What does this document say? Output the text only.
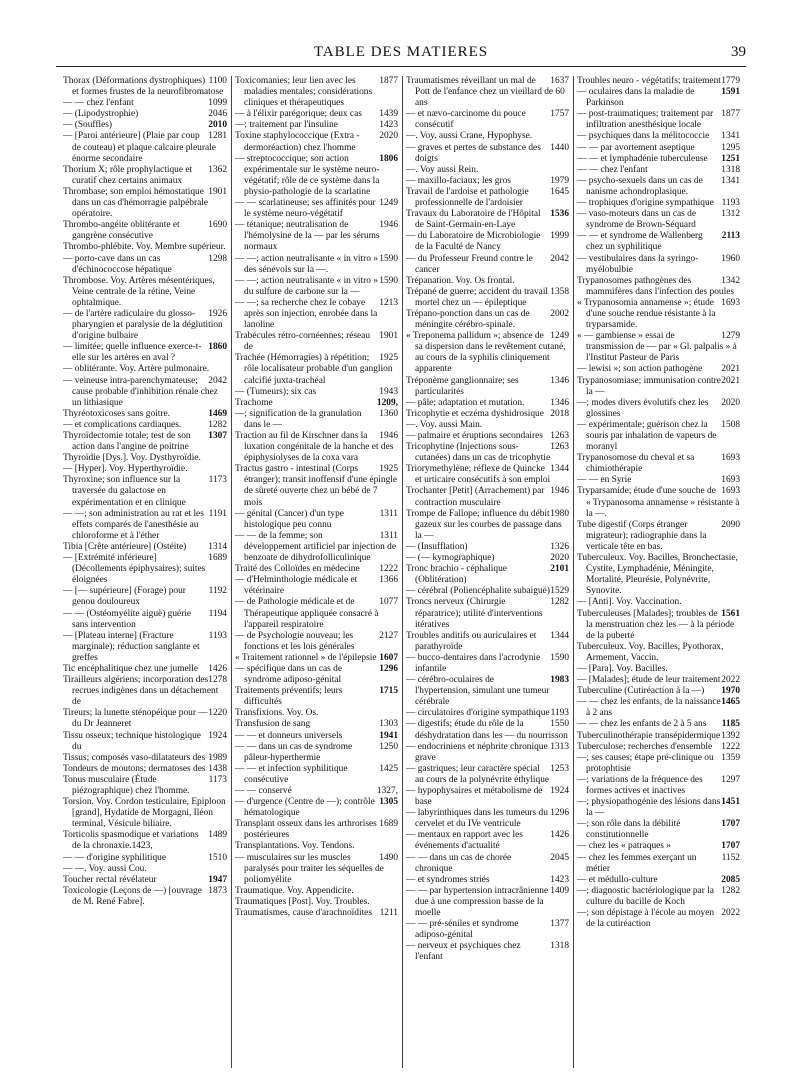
TABLE DES MATIERES	39
1100
Thorax (Déformations dystrophiques) et formes frustes de la neurofibromatose
1099
— — chez l'enfant
2046
— (Lipodystrophie)
2010
— (Souffles)
1281
— [Paroi antérieure] (Plaie par coup de couteau) et plaque calcaire pleurale énorme secondaire
1362
Thorium X; rôle prophylactique et curatif chez certains animaux
1901
Thrombase; son emploi hémostatique dans un cas d'hémorragie palpébrale opératoire.
1690
Thrombo-angéite oblitérante et gangrène consécutive
Thrombo-phlébite. Voy. Membre supérieur.
1298
— porto-cave dans un cas d'échinococcose hépatique
Thrombose. Voy. Artères mésentériques, Veine centrale de la rétine, Veine ophtalmique.
1926
— de l'artère radiculaire du glosso-pharyngien et paralysie de la déglutition d'origine bulbaire
1860
— limitée; quelle influence exerce-t-elle sur les artères en aval ?
— oblitérante. Voy. Artère pulmonaire.
2042
— veineuse intra-parenchymateuse; cause probable d'inhibition rénale chez un lithiasique
1469
Thyréotoxicoses sans goitre.
1282
— et complications cardiaques.
1307
Thyroïdectomie totale; test de son action dans l'angine de poitrine
Thyroïdie [Dys.]. Voy. Dysthyroïdie.
— [Hyper]. Voy. Hyperthyroïdie.
1173
Thyroxine; son influence sur la traversée du galactose en expérimentation et en clinique
1191
— —; son administration au rat et les effets comparés de l'anesthésie au chloroforme et à l'éther
1314
Tibia [Crête antérieure] (Ostéite)
1689
— [Extrémité inférieure] (Décollements épiphysaires); suites éloignées
1192
— [— supérieure] (Forage) pour genou douloureux
1194
— — (Ostéomyélite aiguë) guérie sans intervention
1193
— [Plateau interne] (Fracture marginale); réduction sanglante et greffes
1426
Tic encéphalitique chez une jumelle
1278
Tirailleurs algériens; incorporation des recrues indigènes dans un détachement de
1220
Tireurs; la lunette sténopéique pour — du Dr Jeanneret
1924
Tissu osseux; technique histologique du
1989
Tissus; composés vaso-dilatateurs des
1438
Tondeurs de moutons; dermatoses des
1173
Tonus musculaire (Étude piézographique) chez l'homme.
Torsion. Voy. Cordon testiculaire, Epiploon [grand], Hydatide de Morgagni, Iléon terminal, Vésicule biliaire.
1489
Torticolis spasmodique et variations de la chronaxie.1423,
1510
— — d'origine syphilitique
— —. Voy. aussi Cou.
1947
Toucher rectal révélateur
1873
Toxicologie (Leçons de —) [ouvrage de M. René Fabre].
1877
Toxicomanies; leur lien avec les maladies mentales; considérations cliniques et thérapeutiques
1439
— à l'élixir parégorique; deux cas
1423
—; traitement par l'insuline
2020
Toxine staphylococcique (Extra - dermoréaction) chez l'homme
1806
— streptococcique; son action expérimentale sur le système neuro-végétatif; rôle de ce système dans la physio-pathologie de la scarlatine
1249
— — scarlatineuse; ses affinités pour le système neuro-végétatif
1946
— tétanique; neutralisation de l'hémolysine de la — par les sérums normaux
1590
— —; action neutralisante « in vitro » des sénévols sur la —.
1590
— —; action neutralisante « in vitro » du sulfure de carbone sur la —
1213
— —; sa recherche chez le cobaye après son injection, enrobée dans la lanoline
1901
Trabécules rétro-cornéennes; réseau de
1925
Trachée (Hémorragies) à répétition; rôle localisateur probable d'un ganglion calcifié juxta-trachéal
1943
— (Tumeurs); six cas
1209,
Trachome
1360
—; signification de la granulation dans le —
1946
Traction au fil de Kirschner dans la luxation congénitale de la hanche et des épiphysiolyses de la coxa vara
1925
Tractus gastro - intestinal (Corps étranger); transit inoffensif d'une épingle de sûreté ouverte chez un bébé de 7 mois
1311
— génital (Cancer) d'un type histologique peu connu
1311
— — de la femme; son développement artificiel par injection de benzoate de dihydrofolliculinique
1222
Traité des Colloïdes en médecine
1366
— d'Helminthologie médicale et vétérinaire
1077
— de Pathologie médicale et de Thérapeutique appliquée consacré à l'appareil respiratoire
2127
— de Psychologie nouveau; les fonctions et les lois générales
1607
« Traitement rationnel » de l'épilepsie
1296
— spécifique dans un cas de syndrome adiposo-génital
1715
Traitements préventifs; leurs difficultés
Transfixions. Voy. Os.
1303
Transfusion de sang
1941
— — et donneurs universels
1250
— — dans un cas de syndrome pâleur-hyperthermie
1425
— — et infection syphilitique consécutive
1327,
— — conservé
1305
— d'urgence (Centre de —); contrôle hématologique
1689
Transplant osseux dans les arthrorises postérieures
Transplantations. Voy. Tendons.
1490
— musculaires sur les muscles paralysés pour traiter les séquelles de poliomyélite
Traumatique. Voy. Appendicite.
Traumatiques [Post]. Voy. Troubles.
1211
Traumatismes, cause d'arachnoïdites
1637
Traumatismes réveillant un mal de Pott de l'enfance chez un vieillard de 60 ans
1757
— et nævo-carcinome du pouce consécutif
—. Voy. aussi Crane, Hypophyse.
1440
— graves et pertes de substance des doigts
—. Voy aussi Rein.
1979
— maxillo-faciaux; les gros
1645
Travail de l'ardoise et pathologie professionnelle de l'ardoisier
1536
Travaux du Laboratoire de l'Hôpital de Saint-Germain-en-Laye
1999
— du Laboratoire de Microbiologie de la Faculté de Nancy
2042
— du Professeur Freund contre le cancer
Trépanation. Voy. Os frontal.
1358
Trépané de guerre; accident du travail mortel chez un — épileptique
2002
Trépano-ponction dans un cas de méningite cérébro-spinale.
1249
« Treponema pallidum »; absence de sa dispersion dans le revêtement cutané, au cours de la syphilis cliniquement apparente
1346
Tréponème ganglionnaire; ses particularités
1346
— pâle; adaptation et mutation.
2018
Tricophytie et eczéma dyshidrosique
—. Voy. aussi Main.
1263
— palmaire et éruptions secondaires
1263
Tricophytine (Injections sous-cutanées) dans un cas de tricophytie
1344
Triorymethylène; réflexe de Quincke et urticaire consécutifs à son emploi
1946
Trochanter [Petit] (Arrachement) par contraction musculaire
1980
Trompe de Fallope; influence du débit gazeux sur les courbes de passage dans la —
1326
— (Insufflation)
2020
— (— kymographique)
2101
Tronc brachio - céphalique (Oblitération)
1529
— cérébral (Poliencéphalite subaiguë)
1282
Troncs nerveux (Chirurgie réparatrice); utilité d'interventions itératives
1344
Troubles anditifs ou auriculaires et parathyroïde
1590
— bucco-dentaires dans l'acrodynie infantile
1983
— cérébro-oculaires de l'hypertension, simulant une tumeur cérébrale
1193
— circulatoires d'origine sympathique
1550
— digestifs; étude du rôle de la déshydratation dans les — du nourrisson
1313
— endocriniens et néphrite chronique grave
1253
— gastriques; leur caractère spécial au cours de la polynévrite éthylique
1924
— hypophysaires et métabolisme de base
1296
— labyrinthiques dans les tumeurs du cervelet et du IVe ventricule
1426
— mentaux en rapport avec les événements d'actualité
2045
— — dans un cas de chorée chronique
1423
— et syndromes striés
1409
— — par hypertension intracrânienne due à une compression basse de la moelle
1377
— — pré-séniles et syndrome adiposo-génital
1318
— nerveux et psychiques chez l'enfant
1779
Troubles neuro - végétatifs; traitement
1591
— oculaires dans la maladie de Parkinson
1877
— post-traumatiques; traitement par infiltration anesthésique locale
1341
— psychiques dans la mélitococcie
1295
— — par avortement aseptique
1251
— — et lymphadénie tuberculeuse
1318
— — chez l'enfant
1341
— psycho-sexuels dans un cas de nanisme achondroplasique.
1193
— trophiques d'origine sympathique
1312
— vaso-moteurs dans un cas de syndrome de Brown-Séquard
2113
— — et syndrome de Wallenberg chez un syphilitique
1960
— vestibulaires dans la syringo-myélobulbie
1342
Trypanosomes pathogènes des mammifères dans l'infection des poules
1693
« Trypanosomia annamense »; étude d'une souche rendue résistante à la tryparsamide.
1279
« — gambiense » essai de transmission de — par « Gl. palpalis » à l'Institut Pasteur de Paris
2021
— lewisi »; son action pathogène
2021
Trypanosomiase; immunisation contre la —
2020
—; modes divers évolutifs chez les glossines
1508
— expérimentale; guérison chez la souris par inhalation de vapeurs de moranyl
1693
Trypanosomose du cheval et sa chimiothérapie
1693
— — en Syrie
1693
Tryparsamide; étude d'une souche de « Trypanosoma annamense » résistante à la —.
2090
Tube digestif (Corps étranger migrateur); radiographie dans la verticale tête en bas.
Tuberculeux. Voy. Bacilles, Bronchectasie, Cystite, Lymphadénie, Méningite, Mortalité, Pleurésie, Polynévrite, Synovite.
— [Anti]. Voy. Vaccination.
1561
Tuberculeuses [Malades]; troubles de la menstruation chez les — à la période de la puberté
Tuberculeux. Voy. Bacilles, Pyothorax, Armement, Vaccin.
— [Para]. Voy. Bacilles.
2022
— [Malades]; étude de leur traitement
1970
Tuberculine (Cutiréaction à la —)
1465
— — chez les enfants, de la naissance à 2 ans
1185
— — chez les enfants de 2 à 5 ans
1392
Tuberculinothérapie transépidermique
1222
Tuberculose; recherches d'ensemble
1359
—; ses causes; étape pré-clinique ou protophtisie
1297
—; variations de la fréquence des formes actives et inactives
1451
—; physiopathogénie des lésions dans la —
1707
—; son rôle dans la débilité constitutionnelle
1707
— chez les « patraques »
1152
— chez les femmes exerçant un métier
2085
— et médullo-culture
1282
—; diagnostic bactériologique par la culture du bacille de Koch
2022
—; son dépistage à l'école au moyen de la cutiréaction
